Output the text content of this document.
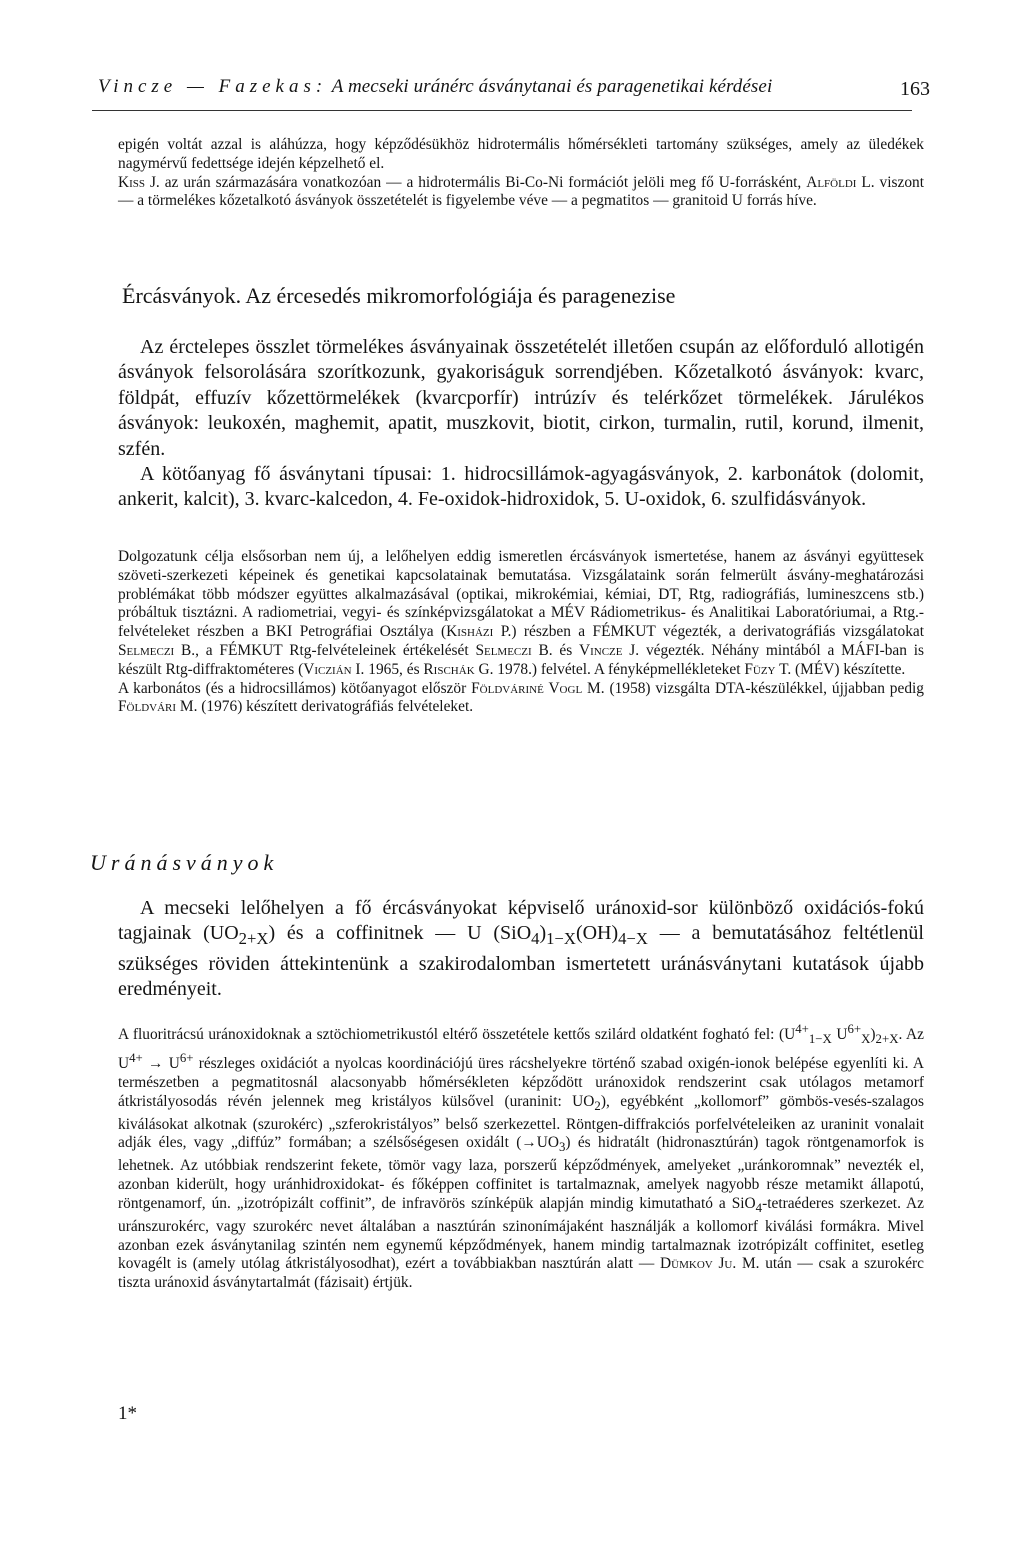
Vincze — Fazekas: A mecseki uránérc ásványtanai és paragenetikai kérdései	163

epigén voltát azzal is aláhúzza, hogy képződésükhöz hidrotermális hőmérsékleti tartomány szükséges, amely az üledékek nagymérvű fedettsége idején képzelhető el.

Kiss J. az urán származására vonatkozóan — a hidrotermális Bi-Co-Ni formációt jelöli meg fő U-forrásként, Alföldi L. viszont — a törmelékes kőzetalkotó ásványok összetételét is figyelembe véve — a pegmatitos — granitoid U forrás híve.

Ércásványok. Az ércesedés mikromorfológiája és paragenezise

Az érctelepes összlet törmelékes ásványainak összetételét illetően csupán az előforduló allotigén ásványok felsorolására szorítkozunk, gyakoriságuk sorrendjében. Kőzetalkotó ásványok: kvarc, földpát, effuzív kőzettörmelékek (kvarcporfír) intrúzív és telérkőzet törmelékek. Járulékos ásványok: leukoxén, maghemit, apatit, muszkovit, biotit, cirkon, turmalin, rutil, korund, ilmenit, szfén.

A kötőanyag fő ásványtani típusai: 1. hidrocsillámok-agyagásványok, 2. karbonátok (dolomit, ankerit, kalcit), 3. kvarc-kalcedon, 4. Fe-oxidok-hidroxidok, 5. U-oxidok, 6. szulfidásványok.

Dolgozatunk célja elsősorban nem új, a lelőhelyen eddig ismeretlen ércásványok ismertetése, hanem az ásványi együttesek szöveti-szerkezeti képeinek és genetikai kapcsolatainak bemutatása. Vizsgálataink során felmerült ásvány-meghatározási problémákat több módszer együttes alkalmazásával (optikai, mikrokémiai, kémiai, DT, Rtg, radiográfiás, lumineszcens stb.) próbáltuk tisztázni. A radiometriai, vegyi- és színképvizsgálatokat a MÉV Rádiometrikus- és Analitikai Laboratóriumai, a Rtg.-felvételeket részben a BKI Petrográfiai Osztálya (Kisházi P.) részben a FÉMKUT végezték, a derivatográfiás vizsgálatokat Selmeczi B., a FÉMKUT Rtg-felvételeinek értékelését Selmeczi B. és Vincze J. végezték. Néhány mintából a MÁFI-ban is készült Rtg-diffraktométeres (Viczián I. 1965, és Rischák G. 1978.) felvétel. A fényképmellékleteket Füzy T. (MÉV) készítette.

A karbonátos (és a hidrocsillámos) kötőanyagot először Földváriné Vogl M. (1958) vizsgálta DTA-készülékkel, újjabban pedig Földvári M. (1976) készített derivatográfiás felvételeket.

Uránásványok

A mecseki lelőhelyen a fő ércásványokat képviselő uránoxid-sor különböző oxidációs-fokú tagjainak $(UO_{2+X})$ és a coffinitnek — U $(SiO_4)_{1-X}(OH)_{4-X}$ — a bemutatásához feltétlenül szükséges röviden áttekintenünk a szakirodalomban ismertetett uránásványtani kutatások újabb eredményeit.

A fluoritrácsú uránoxidoknak a sztöchiometrikustól eltérő összetétele kettős szilárd oldatként fogható fel: ($U^{4+}_{1-X}$ $U^{6+}_X)_{2+X}$. Az $U^{4+} \to U^{6+}$ részleges oxidációt a nyolcas koordinációjú üres rácshelyekre történő szabad oxigén-ionok belépése egyenlíti ki. A természetben a pegmatitosnál alacsonyabb hőmérsékleten képződött uránoxidok rendszerint csak utólagos metamorf átkristályosodás révén jelennek meg kristályos külsővel (uraninit: $UO_2$), egyébként „kollomorf” gömbös-vesés-szalagos kiválásokat alkotnak (szurokérc) „szferokristályos” belső szerkezettel. Röntgen-diffrakciós porfelvételeiken az uraninit vonalait adják éles, vagy „diffúz” formában; a szélsőségesen oxidált $(\to UO_3)$ és hidratált (hidronasztúrán) tagok röntgenamorfok is lehetnek. Az utóbbiak rendszerint fekete, tömör vagy laza, porszerű képződmények, amelyeket „uránkoromnak” nevezték el, azonban kiderült, hogy uránhidroxidokat- és főképpen coffinitet is tartalmaznak, amelyek nagyobb része metamikt állapotú, röntgenamorf, ún. „izotrópizált coffinit”, de infravörös színképük alapján mindig kimutatható a SiO$_4$-tetraéderes szerkezet. Az uránszurokérc, vagy szurokérc nevet általában a nasztúrán szinonímájaként használják a kollomorf kiválási formákra. Mivel azonban ezek ásványtanilag szintén nem egynemű képződmények, hanem mindig tartalmaznak izotrópizált coffinitet, esetleg kovagélt is (amely utólag átkristályosodhat), ezért a továbbiakban nasztúrán alatt — Dümkov Ju. M. után — csak a szurokérc tiszta uránoxid ásványtartalmát (fázisait) értjük.

1*
